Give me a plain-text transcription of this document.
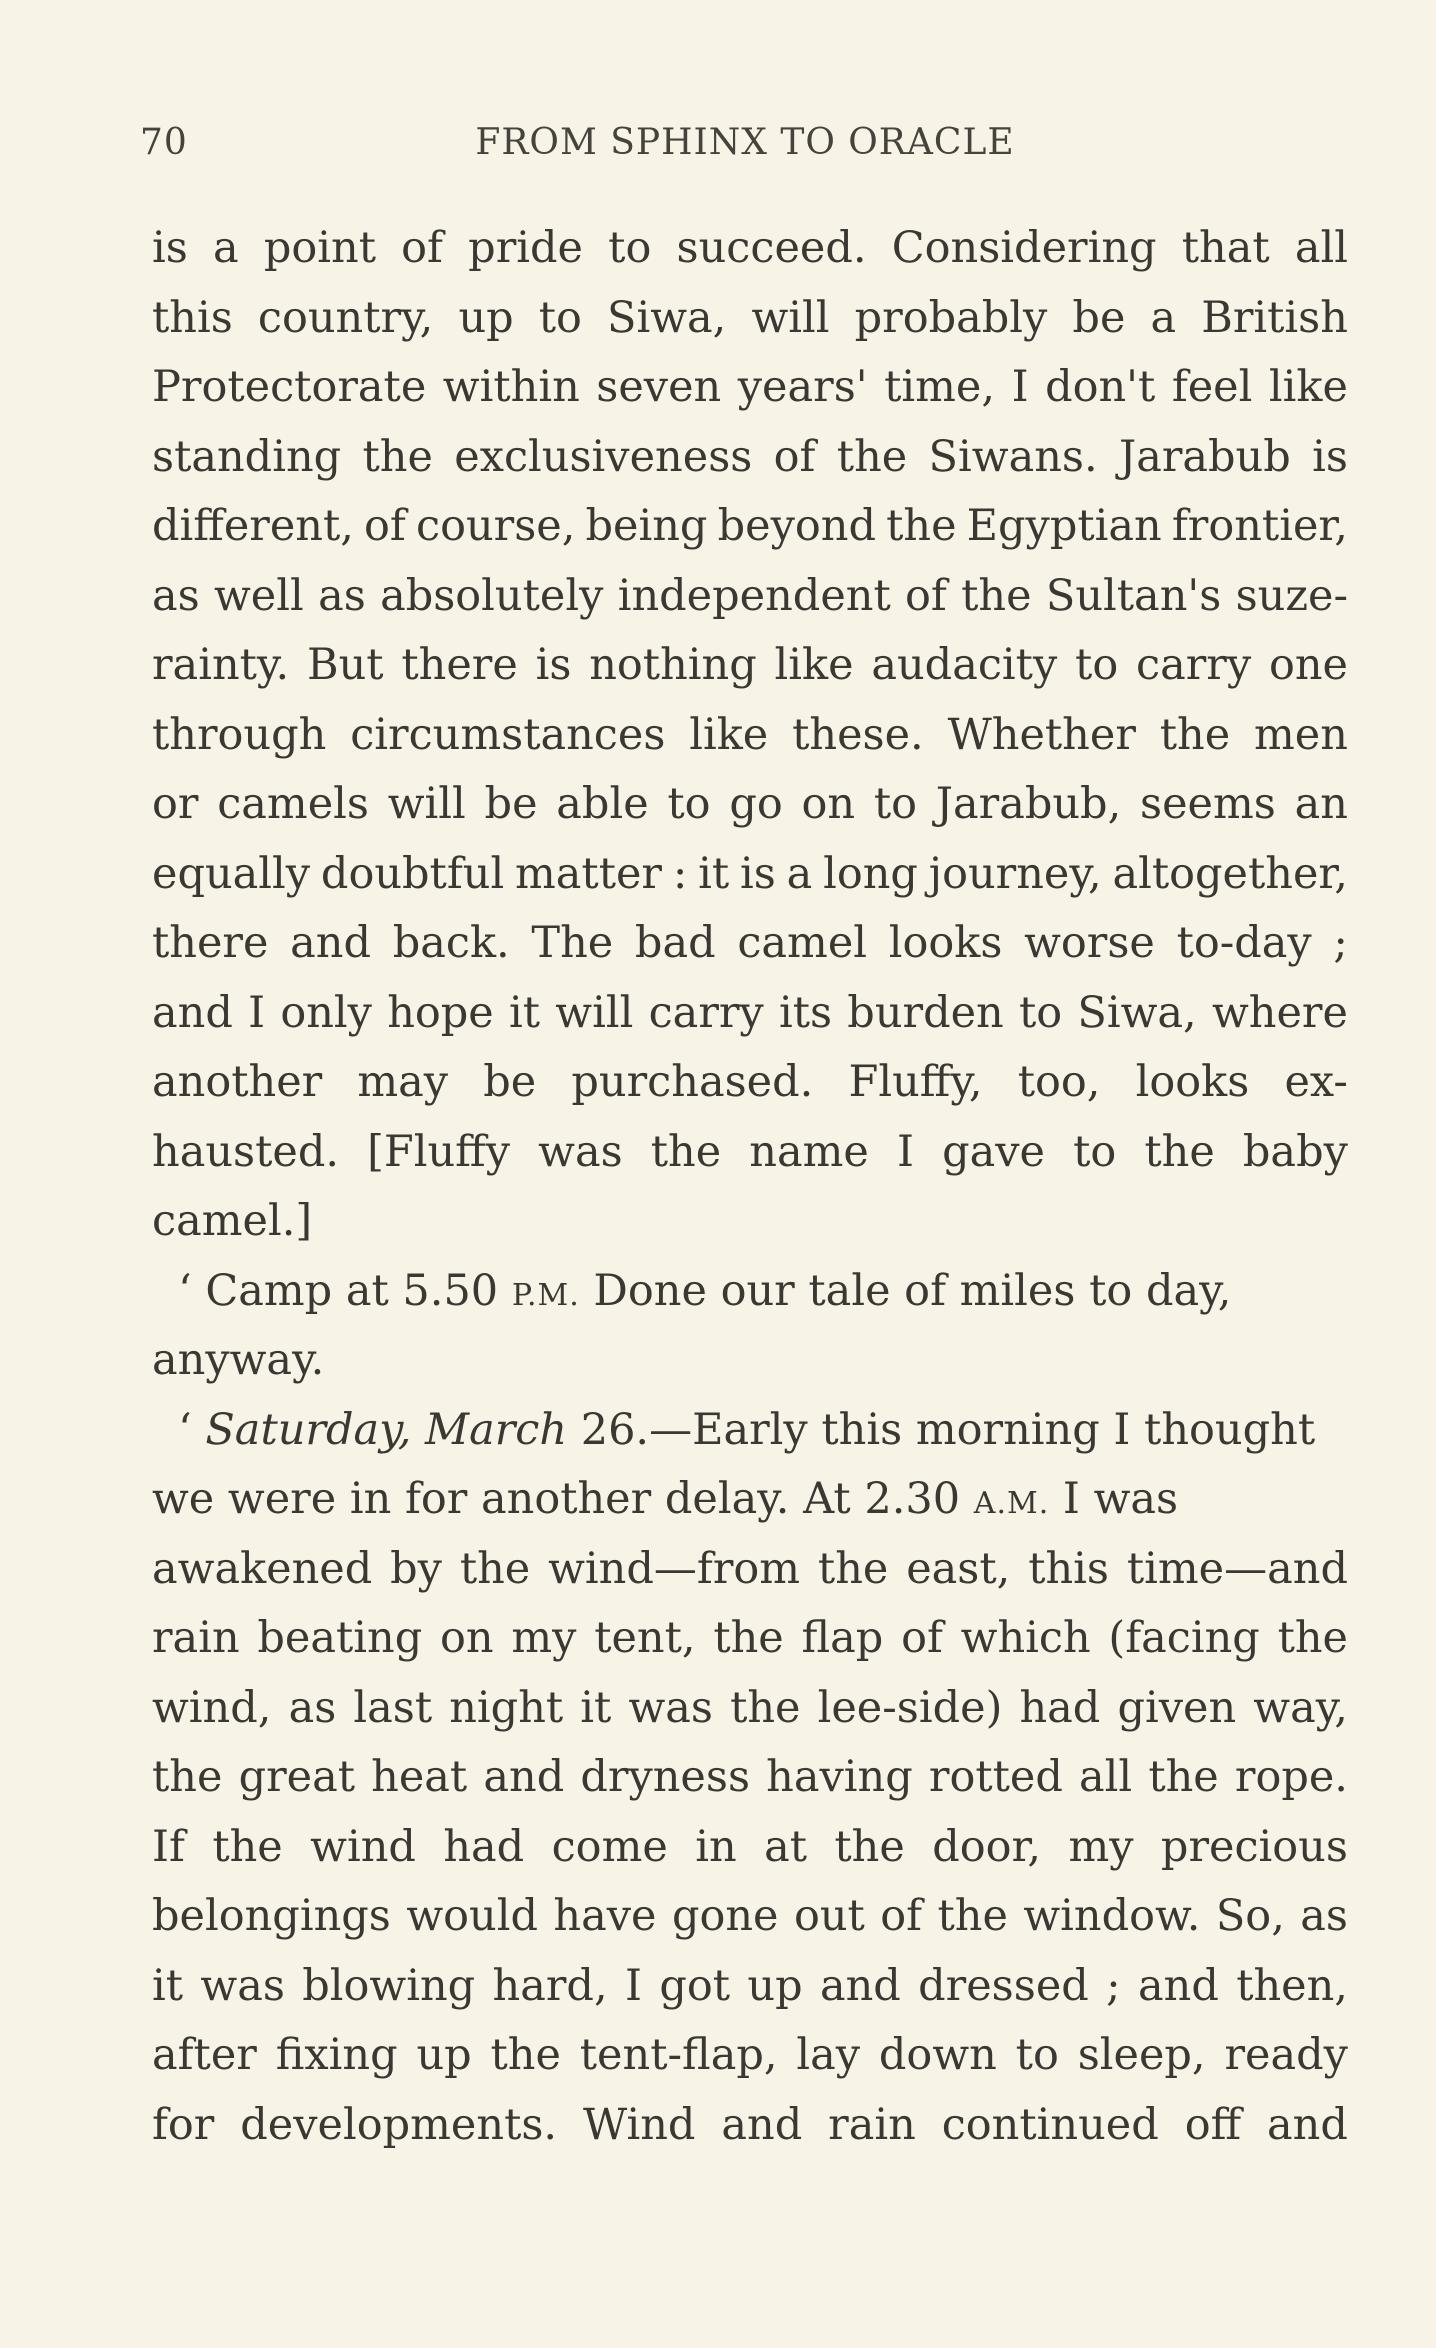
70	FROM SPHINX TO ORACLE
is a point of pride to succeed. Considering that all
this country, up to Siwa, will probably be a British
Protectorate within seven years' time, I don't feel like
standing the exclusiveness of the Siwans. Jarabub is
different, of course, being beyond the Egyptian frontier,
as well as absolutely independent of the Sultan's suze-
rainty. But there is nothing like audacity to carry one
through circumstances like these. Whether the men
or camels will be able to go on to Jarabub, seems an
equally doubtful matter : it is a long journey, altogether,
there and back. The bad camel looks worse to-day ;
and I only hope it will carry its burden to Siwa, where
another may be purchased. Fluffy, too, looks ex-
hausted. [Fluffy was the name I gave to the baby
camel.]
‘ Camp at 5.50 P.M. Done our tale of miles to day,
anyway.
‘ Saturday, March 26.—Early this morning I thought
we were in for another delay. At 2.30 A.M. I was
awakened by the wind—from the east, this time—and
rain beating on my tent, the flap of which (facing the
wind, as last night it was the lee-side) had given way,
the great heat and dryness having rotted all the rope.
If the wind had come in at the door, my precious
belongings would have gone out of the window. So, as
it was blowing hard, I got up and dressed ; and then,
after fixing up the tent-flap, lay down to sleep, ready
for developments. Wind and rain continued off and
